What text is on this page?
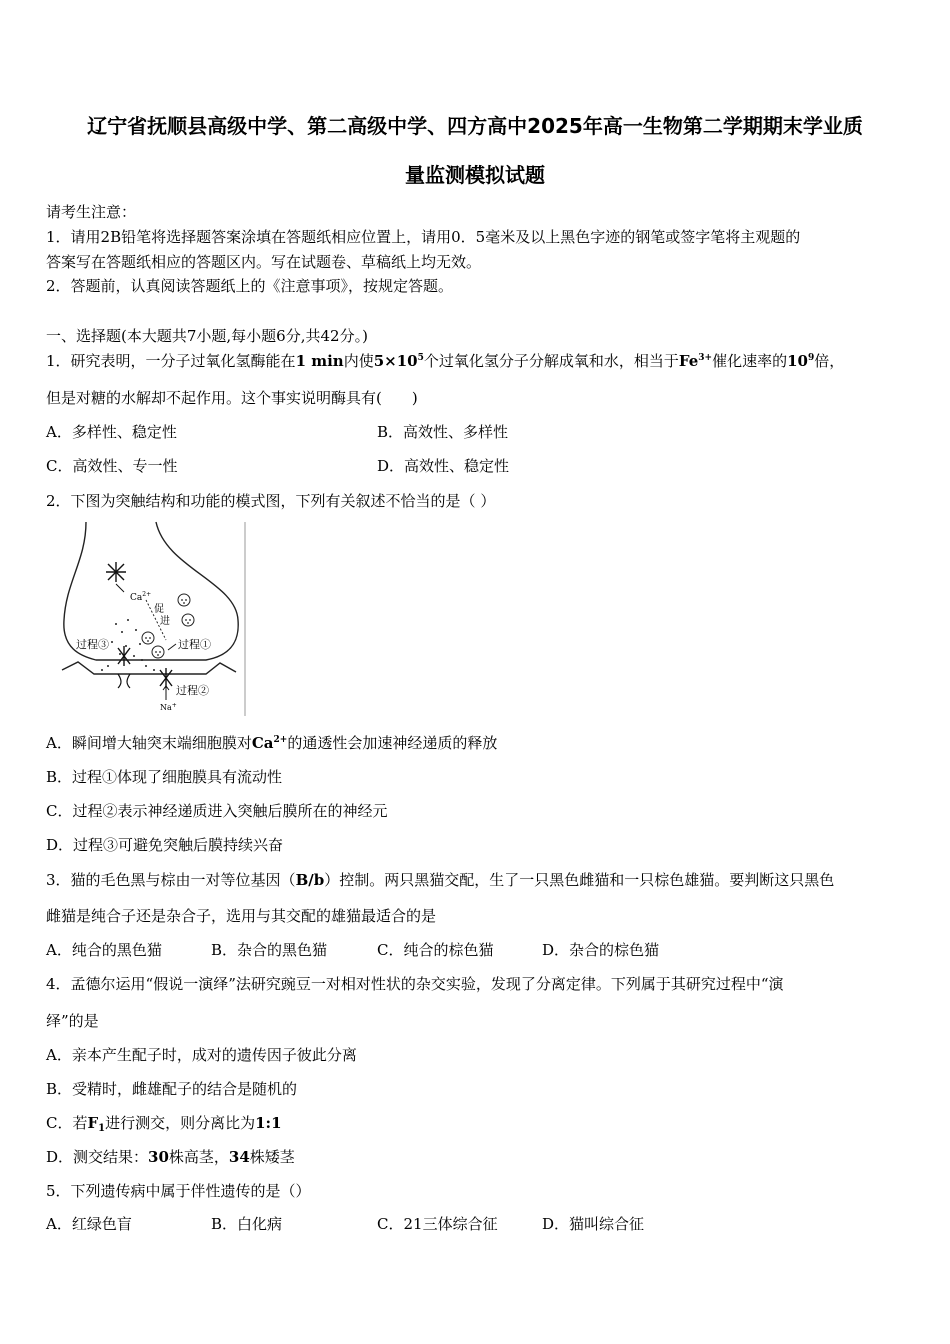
辽宁省抚顺县高级中学、第二高级中学、四方高中2025年高一生物第二学期期末学业质
量监测模拟试题
请考生注意：
1．请用2B铅笔将选择题答案涂填在答题纸相应位置上，请用0．5毫米及以上黑色字迹的钢笔或签字笔将主观题的
答案写在答题纸相应的答题区内。写在试题卷、草稿纸上均无效。
2．答题前，认真阅读答题纸上的《注意事项》，按规定答题。
一、选择题(本大题共7小题,每小题6分,共42分。)
1．研究表明，一分子过氧化氢酶能在1 min内使$5\times 10^5$个过氧化氢分子分解成氧和水，相当于$Fe^{3+}$催化速率的$10^9$倍，
但是对糖的水解却不起作用。这个事实说明酶具有(　　)
A．多样性、稳定性	B．高效性、多样性
C．高效性、专一性	D．高效性、稳定性
2．下图为突触结构和功能的模式图，下列有关叙述不恰当的是（ ）
$Ca^{2+}$
促
进
Na+
过程①
过程③
过程②
A．瞬间增大轴突末端细胞膜对$Ca^{2+}$的通透性会加速神经递质的释放
B．过程①体现了细胞膜具有流动性
C．过程②表示神经递质进入突触后膜所在的神经元
D．过程③可避免突触后膜持续兴奋
3．猫的毛色黑与棕由一对等位基因（B/b）控制。两只黑猫交配，生了一只黑色雌猫和一只棕色雄猫。要判断这只黑色
雌猫是纯合子还是杂合子，选用与其交配的雄猫最适合的是
A．纯合的黑色猫	B．杂合的黑色猫	C．纯合的棕色猫	D．杂合的棕色猫
4．孟德尔运用“假说一演绎”法研究豌豆一对相对性状的杂交实验，发现了分离定律。下列属于其研究过程中“演
绎”的是
A．亲本产生配子时，成对的遗传因子彼此分离
B．受精时，雌雄配子的结合是随机的
C．若$F_1$进行测交，则分离比为1:1
D．测交结果：30株高茎，34株矮茎
5．下列遗传病中属于伴性遗传的是（）
A．红绿色盲	B．白化病	C．21三体综合征	D．猫叫综合征
